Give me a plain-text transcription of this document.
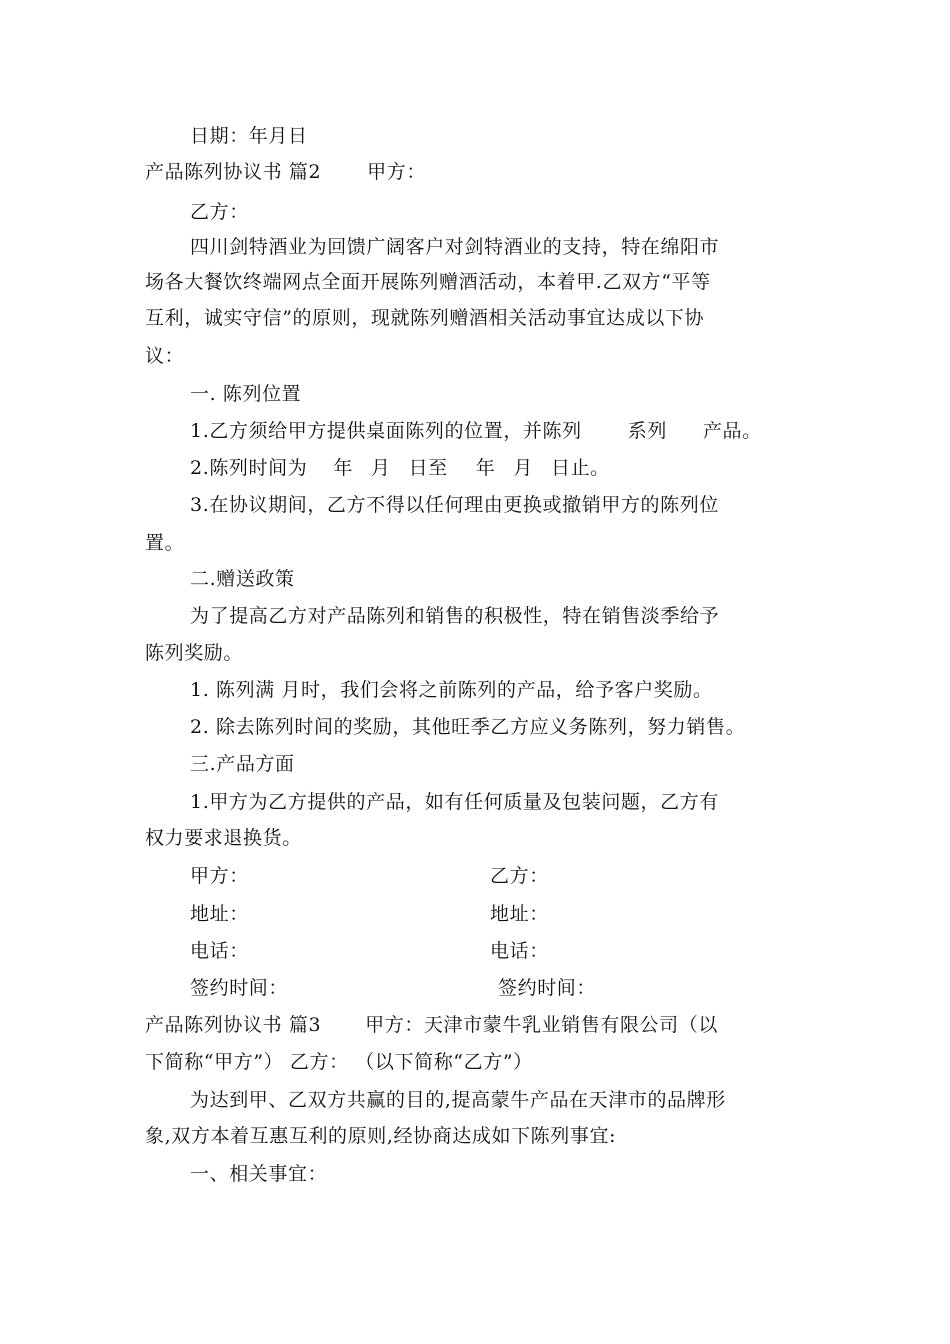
日期：年月日
产品陈列协议书 篇2 甲方：
乙方：
四川剑特酒业为回馈广阔客户对剑特酒业的支持，特在绵阳市
场各大餐饮终端网点全面开展陈列赠酒活动，本着甲.乙双方“平等
互利，诚实守信”的原则，现就陈列赠酒相关活动事宜达成以下协
议：
一. 陈列位置
1.乙方须给甲方提供桌面陈列的位置，并陈列 系列 产品。
2.陈列时间为 年 月 日至 年 月 日止。
3.在协议期间，乙方不得以任何理由更换或撤销甲方的陈列位
置。
二.赠送政策
为了提高乙方对产品陈列和销售的积极性，特在销售淡季给予
陈列奖励。
1. 陈列满 月时，我们会将之前陈列的产品，给予客户奖励。
2. 除去陈列时间的奖励，其他旺季乙方应义务陈列，努力销售。
三.产品方面
1.甲方为乙方提供的产品，如有任何质量及包装问题，乙方有
权力要求退换货。
甲方：	乙方：
地址：	地址：
电话：	电话：
签约时间：	签约时间：
产品陈列协议书 篇3 甲方：天津市蒙牛乳业销售有限公司（以
下简称“甲方”） 乙方： （以下简称“乙方”）
为达到甲、乙双方共赢的目的,提高蒙牛产品在天津市的品牌形
象,双方本着互惠互利的原则,经协商达成如下陈列事宜:
一、相关事宜：
